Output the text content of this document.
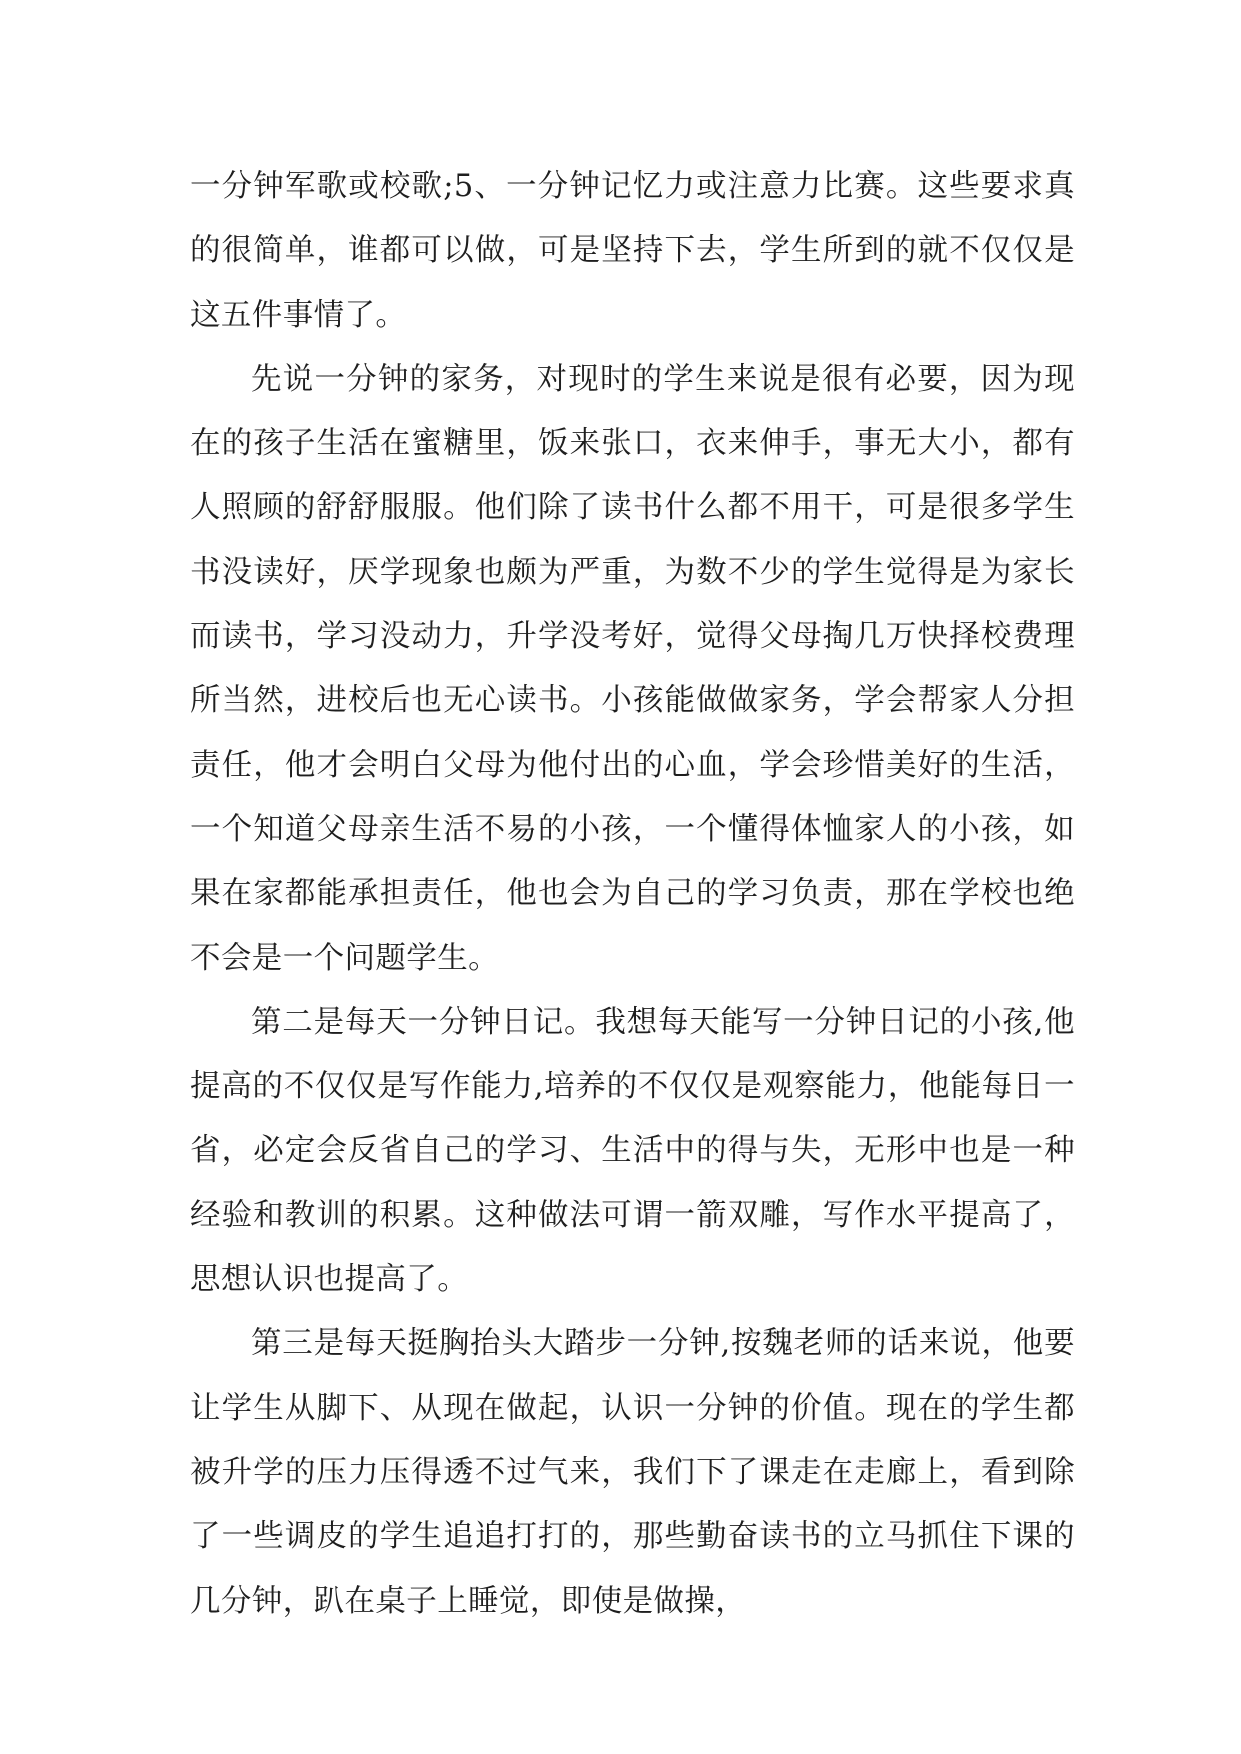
一分钟军歌或校歌;5、一分钟记忆力或注意力比赛。这些要求真的很简单，谁都可以做，可是坚持下去，学生所到的就不仅仅是这五件事情了。

先说一分钟的家务，对现时的学生来说是很有必要，因为现在的孩子生活在蜜糖里，饭来张口，衣来伸手，事无大小，都有人照顾的舒舒服服。他们除了读书什么都不用干，可是很多学生书没读好，厌学现象也颇为严重，为数不少的学生觉得是为家长而读书，学习没动力，升学没考好，觉得父母掏几万快择校费理所当然，进校后也无心读书。小孩能做做家务，学会帮家人分担责任，他才会明白父母为他付出的心血，学会珍惜美好的生活，一个知道父母亲生活不易的小孩，一个懂得体恤家人的小孩，如果在家都能承担责任，他也会为自己的学习负责，那在学校也绝不会是一个问题学生。

第二是每天一分钟日记。我想每天能写一分钟日记的小孩,他提高的不仅仅是写作能力,培养的不仅仅是观察能力，他能每日一省，必定会反省自己的学习、生活中的得与失，无形中也是一种经验和教训的积累。这种做法可谓一箭双雕，写作水平提高了，思想认识也提高了。

第三是每天挺胸抬头大踏步一分钟,按魏老师的话来说，他要让学生从脚下、从现在做起，认识一分钟的价值。现在的学生都被升学的压力压得透不过气来，我们下了课走在走廊上，看到除了一些调皮的学生追追打打的，那些勤奋读书的立马抓住下课的几分钟，趴在桌子上睡觉，即使是做操，
